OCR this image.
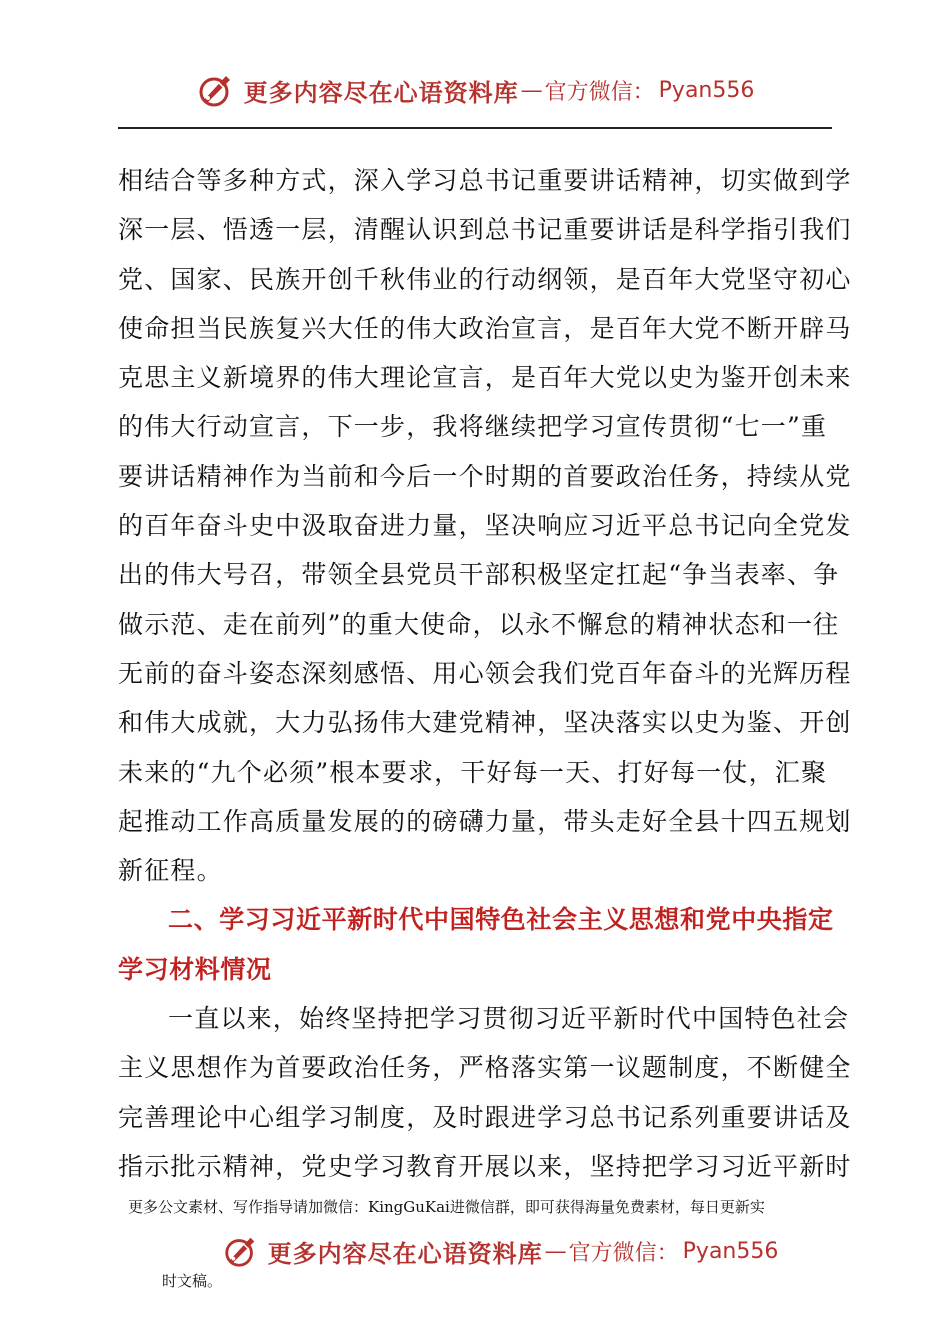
更多内容尽在心语资料库 — 官方微信： Pyan556

相结合等多种方式，深入学习总书记重要讲话精神，切实做到学
深一层、悟透一层，清醒认识到总书记重要讲话是科学指引我们
党、国家、民族开创千秋伟业的行动纲领，是百年大党坚守初心
使命担当民族复兴大任的伟大政治宣言，是百年大党不断开辟马
克思主义新境界的伟大理论宣言，是百年大党以史为鉴开创未来
的伟大行动宣言，下一步，我将继续把学习宣传贯彻“七一”重
要讲话精神作为当前和今后一个时期的首要政治任务，持续从党
的百年奋斗史中汲取奋进力量，坚决响应习近平总书记向全党发
出的伟大号召，带领全县党员干部积极坚定扛起“争当表率、争
做示范、走在前列”的重大使命，以永不懈怠的精神状态和一往
无前的奋斗姿态深刻感悟、用心领会我们党百年奋斗的光辉历程
和伟大成就，大力弘扬伟大建党精神，坚决落实以史为鉴、开创
未来的“九个必须”根本要求，干好每一天、打好每一仗，汇聚
起推动工作高质量发展的的磅礴力量，带头走好全县十四五规划
新征程。

二、学习习近平新时代中国特色社会主义思想和党中央指定
学习材料情况

一直以来，始终坚持把学习贯彻习近平新时代中国特色社会
主义思想作为首要政治任务，严格落实第一议题制度，不断健全
完善理论中心组学习制度，及时跟进学习总书记系列重要讲话及
指示批示精神，党史学习教育开展以来，坚持把学习习近平新时

更多公文素材、写作指导请加微信：KingGuKai进微信群，即可获得海量免费素材，每日更新实
更多内容尽在心语资料库 — 官方微信： Pyan556
时文稿。
